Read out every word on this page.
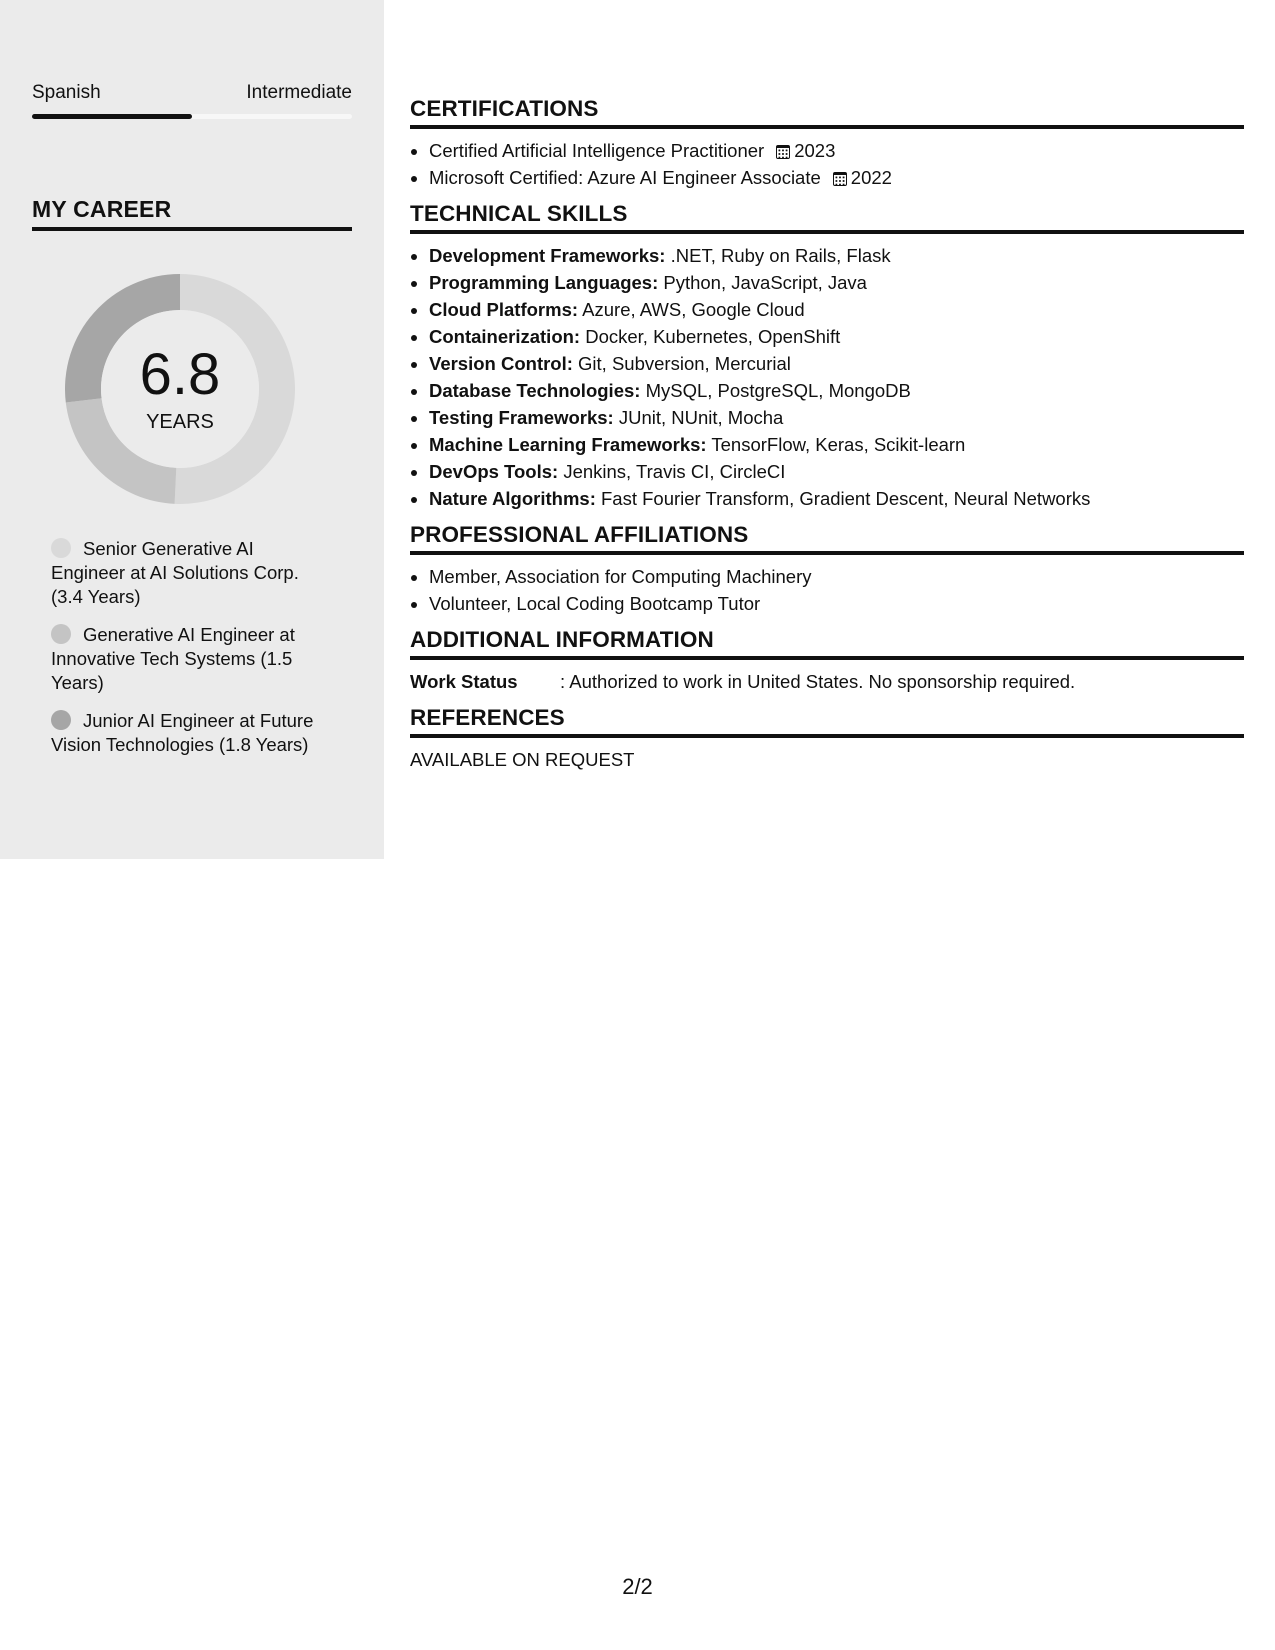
Spanish	Intermediate
MY CAREER
6.8
YEARS
Senior Generative AI Engineer at AI Solutions Corp. (3.4 Years)
Generative AI Engineer at Innovative Tech Systems (1.5 Years)
Junior AI Engineer at Future Vision Technologies (1.8 Years)
CERTIFICATIONS
• Certified Artificial Intelligence Practitioner 2023
• Microsoft Certified: Azure AI Engineer Associate 2022
TECHNICAL SKILLS
• Development Frameworks: .NET, Ruby on Rails, Flask
• Programming Languages: Python, JavaScript, Java
• Cloud Platforms: Azure, AWS, Google Cloud
• Containerization: Docker, Kubernetes, OpenShift
• Version Control: Git, Subversion, Mercurial
• Database Technologies: MySQL, PostgreSQL, MongoDB
• Testing Frameworks: JUnit, NUnit, Mocha
• Machine Learning Frameworks: TensorFlow, Keras, Scikit-learn
• DevOps Tools: Jenkins, Travis CI, CircleCI
• Nature Algorithms: Fast Fourier Transform, Gradient Descent, Neural Networks
PROFESSIONAL AFFILIATIONS
• Member, Association for Computing Machinery
• Volunteer, Local Coding Bootcamp Tutor
ADDITIONAL INFORMATION
Work Status : Authorized to work in United States. No sponsorship required.
REFERENCES
AVAILABLE ON REQUEST
2/2
